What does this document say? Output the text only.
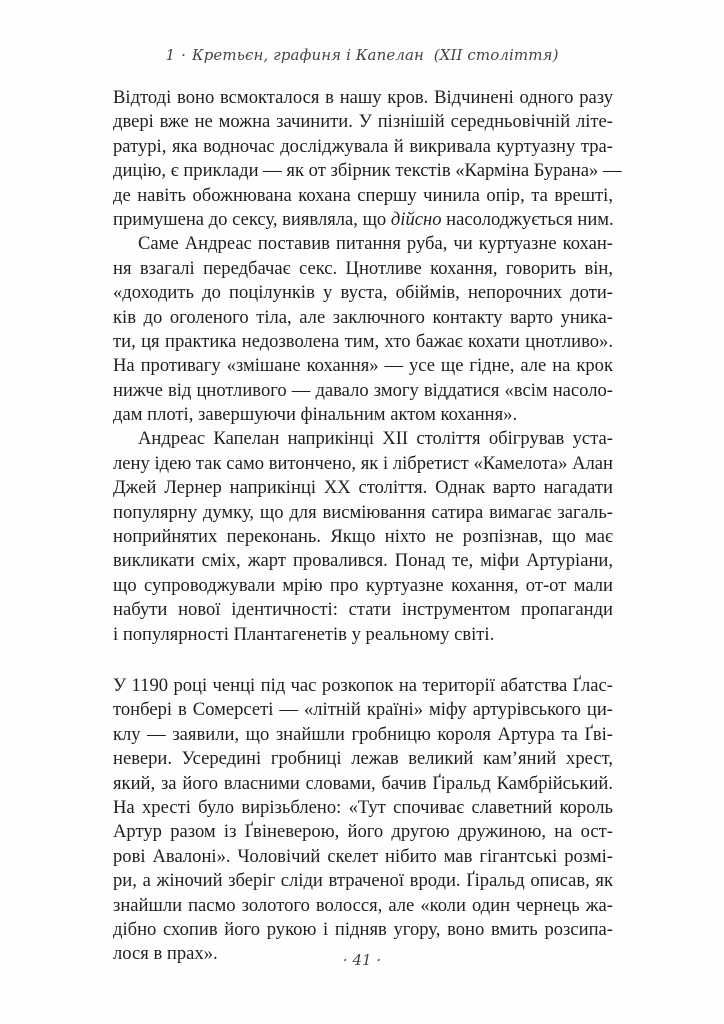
1 · Кретьєн, графиня і Капелан  (XII століття)
Відтоді воно всмокталося в нашу кров. Відчинені одного разу
двері вже не можна зачинити. У пізнішій середньовічній літе-
ратурі, яка водночас досліджувала й викривала куртуазну тра-
дицію, є приклади — як от збірник текстів «Карміна Бурана» —
де навіть обожнювана кохана спершу чинила опір, та врешті,
примушена до сексу, виявляла, що дійсно насолоджується ним.
Саме Андреас поставив питання руба, чи куртуазне кохан-
ня взагалі передбачає секс. Цнотливе кохання, говорить він,
«доходить до поцілунків у вуста, обіймів, непорочних доти-
ків до оголеного тіла, але заключного контакту варто уника-
ти, ця практика недозволена тим, хто бажає кохати цнотливо».
На противагу «змішане кохання» — усе ще гідне, але на крок
нижче від цнотливого — давало змогу віддатися «всім насоло-
дам плоті, завершуючи фінальним актом кохання».
Андреас Капелан наприкінці XII століття обігрував уста-
лену ідею так само витончено, як і лібретист «Камелота» Алан
Джей Лернер наприкінці XX століття. Однак варто нагадати
популярну думку, що для висміювання сатира вимагає загаль-
ноприйнятих переконань. Якщо ніхто не розпізнав, що має
викликати сміх, жарт провалився. Понад те, міфи Артуріани,
що супроводжували мрію про куртуазне кохання, от-от мали
набути нової ідентичності: стати інструментом пропаганди
і популярності Плантагенетів у реальному світі.
У 1190 році ченці під час розкопок на території абатства Ґлас-
тонбері в Сомерсеті — «літній країні» міфу артурівського ци-
клу — заявили, що знайшли гробницю короля Артура та Ґві-
невери. Усередині гробниці лежав великий кам’яний хрест,
який, за його власними словами, бачив Ґіральд Камбрійський.
На хресті було вирізьблено: «Тут спочиває славетний король
Артур разом із Ґвіневерою, його другою дружиною, на ост-
рові Авалоні». Чоловічий скелет нібито мав гігантські розмі-
ри, а жіночий зберіг сліди втраченої вроди. Ґіральд описав, як
знайшли пасмо золотого волосся, але «коли один чернець жа-
дібно схопив його рукою і підняв угору, воно вмить розсипа-
лося в прах».	· 41 ·
